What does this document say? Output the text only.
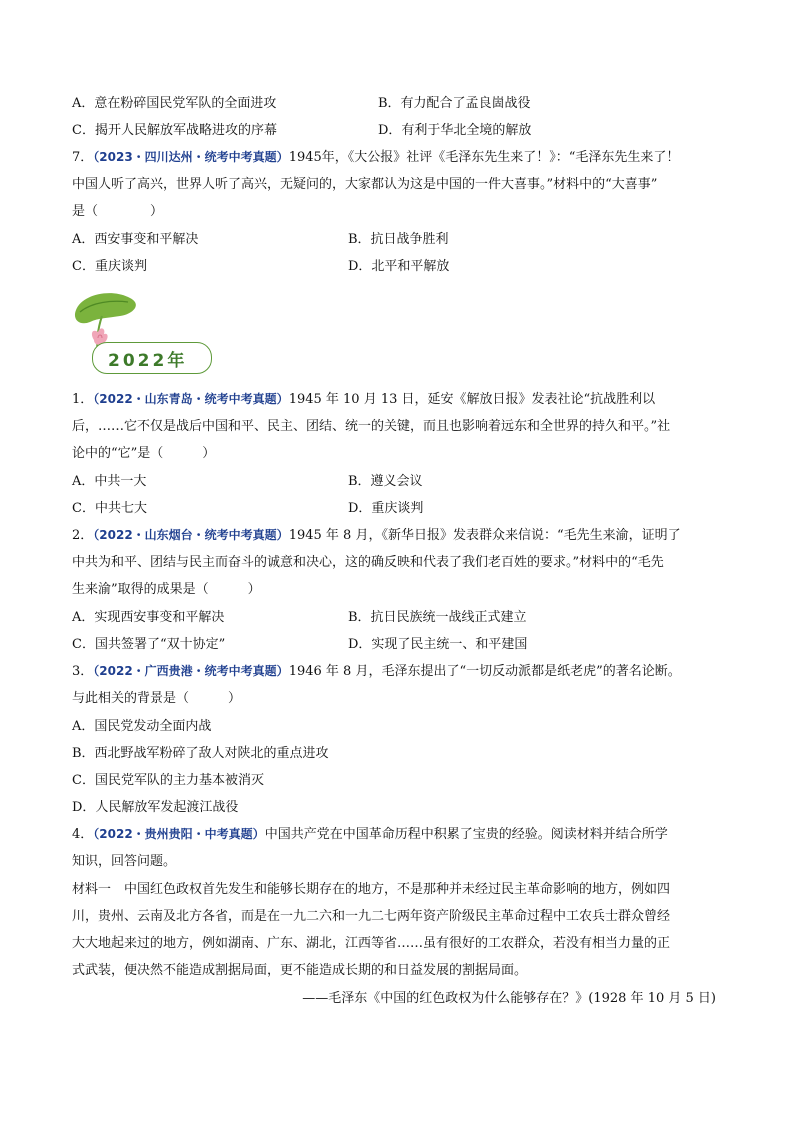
A．意在粉碎国民党军队的全面进攻	B．有力配合了孟良崮战役
C．揭开人民解放军战略进攻的序幕	D．有利于华北全境的解放
7．（2023・四川达州・统考中考真题）1945年，《大公报》社评《毛泽东先生来了！》：“毛泽东先生来了！
中国人听了高兴，世界人听了高兴，无疑问的，大家都认为这是中国的一件大喜事。”材料中的“大喜事”
是（　　　　）
A．西安事变和平解决	B．抗日战争胜利
C．重庆谈判	D．北平和平解放
2022年
1．（2022・山东青岛・统考中考真题）1945 年 10 月 13 日，延安《解放日报》发表社论“抗战胜利以
后，……它不仅是战后中国和平、民主、团结、统一的关键，而且也影响着远东和全世界的持久和平。”社
论中的“它”是（　　　）
A．中共一大	B．遵义会议
C．中共七大	D．重庆谈判
2．（2022・山东烟台・统考中考真题）1945 年 8 月，《新华日报》发表群众来信说：“毛先生来渝，证明了
中共为和平、团结与民主而奋斗的诚意和决心，这的确反映和代表了我们老百姓的要求。”材料中的“毛先
生来渝”取得的成果是（　　　）
A．实现西安事变和平解决	B．抗日民族统一战线正式建立
C．国共签署了“双十协定”	D．实现了民主统一、和平建国
3．（2022・广西贵港・统考中考真题）1946 年 8 月，毛泽东提出了“一切反动派都是纸老虎”的著名论断。
与此相关的背景是（　　　）
A．国民党发动全面内战
B．西北野战军粉碎了敌人对陕北的重点进攻
C．国民党军队的主力基本被消灭
D．人民解放军发起渡江战役
4．（2022・贵州贵阳・中考真题）中国共产党在中国革命历程中积累了宝贵的经验。阅读材料并结合所学
知识，回答问题。
材料一　中国红色政权首先发生和能够长期存在的地方，不是那种并未经过民主革命影响的地方，例如四
川，贵州、云南及北方各省，而是在一九二六和一九二七两年资产阶级民主革命过程中工农兵士群众曾经
大大地起来过的地方，例如湖南、广东、湖北，江西等省……虽有很好的工农群众，若没有相当力量的正
式武装，便决然不能造成割据局面，更不能造成长期的和日益发展的割据局面。
——毛泽东《中国的红色政权为什么能够存在？》(1928 年 10 月 5 日)
